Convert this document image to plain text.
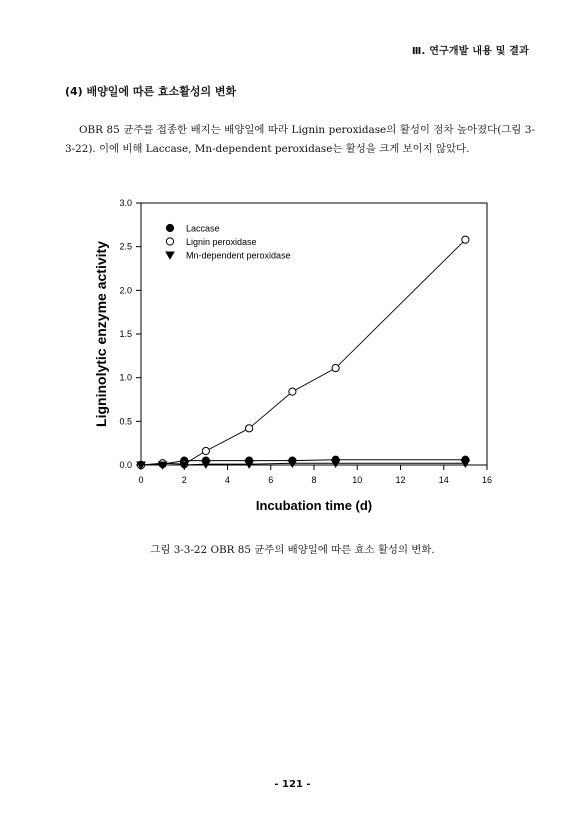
Ⅲ. 연구개발 내용 및 결과
(4) 배양일에 따른 효소활성의 변화

OBR 85 균주를 접종한 배지는 배양일에 따라 Lignin peroxidase의 활성이 점차 높아졌다(그림 3-3-22). 이에 비해 Laccase, Mn-dependent peroxidase는 활성을 크게 보이지 않았다.

0	2	4	6	8	10	12	14	16
0.0
0.5
1.0
1.5
2.0
2.5
3.0
Incubation time (d)
Ligninolytic enzyme activity
Laccase
Lignin peroxidase
Mn-dependent peroxidase
그림 3-3-22 OBR 85 균주의 배양일에 따른 효소 활성의 변화.
- 121 -
